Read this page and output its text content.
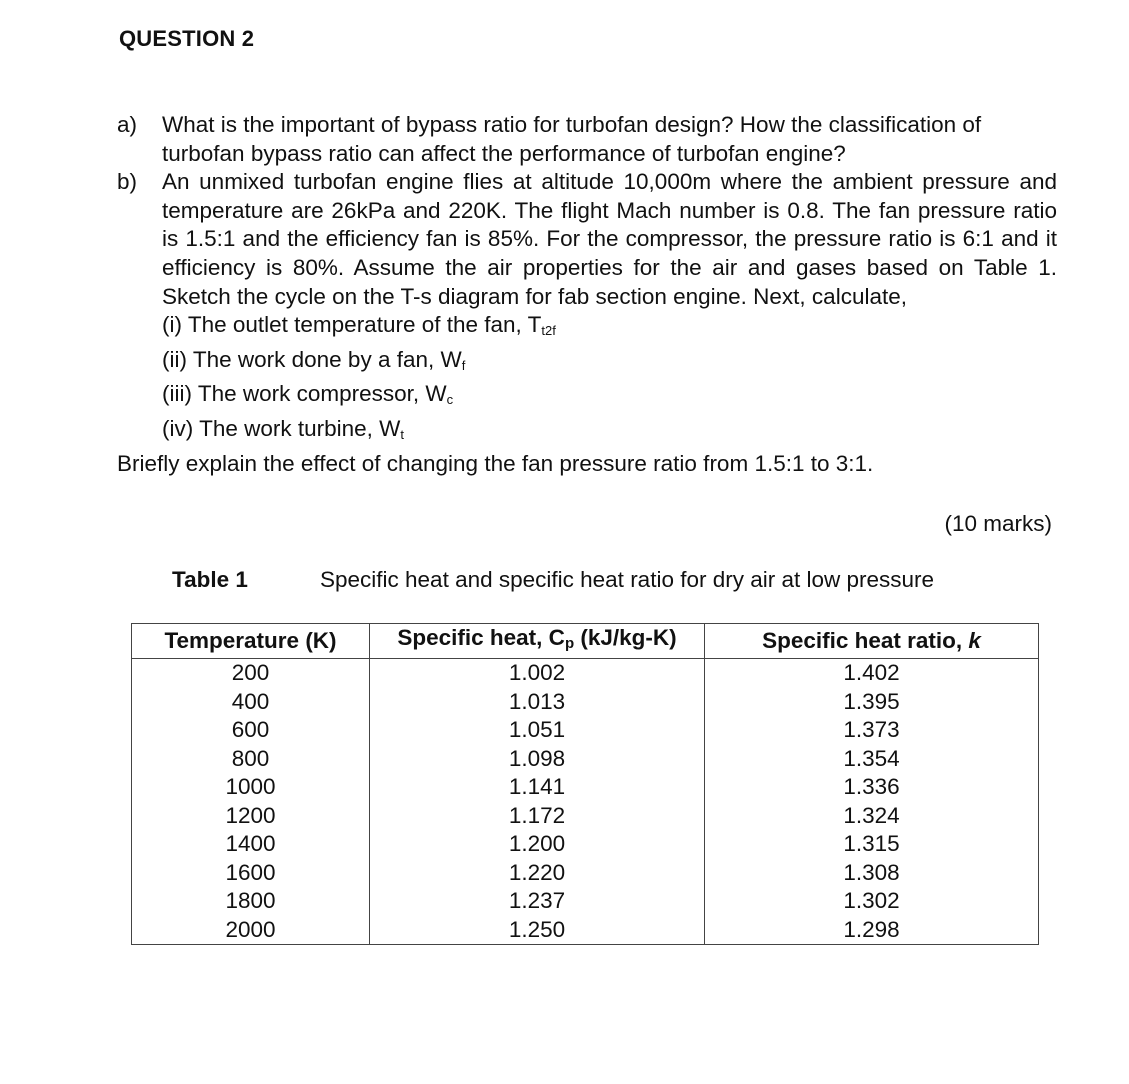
QUESTION 2
a) What is the important of bypass ratio for turbofan design? How the classification of turbofan bypass ratio can affect the performance of turbofan engine?
b) An unmixed turbofan engine flies at altitude 10,000m where the ambient pressure and temperature are 26kPa and 220K. The flight Mach number is 0.8. The fan pressure ratio is 1.5:1 and the efficiency fan is 85%. For the compressor, the pressure ratio is 6:1 and it efficiency is 80%. Assume the air properties for the air and gases based on Table 1. Sketch the cycle on the T-s diagram for fab section engine. Next, calculate,
(i) The outlet temperature of the fan, Tt2f
(ii) The work done by a fan, Wf
(iii) The work compressor, Wc
(iv) The work turbine, Wt
Briefly explain the effect of changing the fan pressure ratio from 1.5:1 to 3:1.
(10 marks)
Table 1	Specific heat and specific heat ratio for dry air at low pressure
Temperature (K)	Specific heat, Cp (kJ/kg-K)	Specific heat ratio, k
200	1.002	1.402
400	1.013	1.395
600	1.051	1.373
800	1.098	1.354
1000	1.141	1.336
1200	1.172	1.324
1400	1.200	1.315
1600	1.220	1.308
1800	1.237	1.302
2000	1.250	1.298
